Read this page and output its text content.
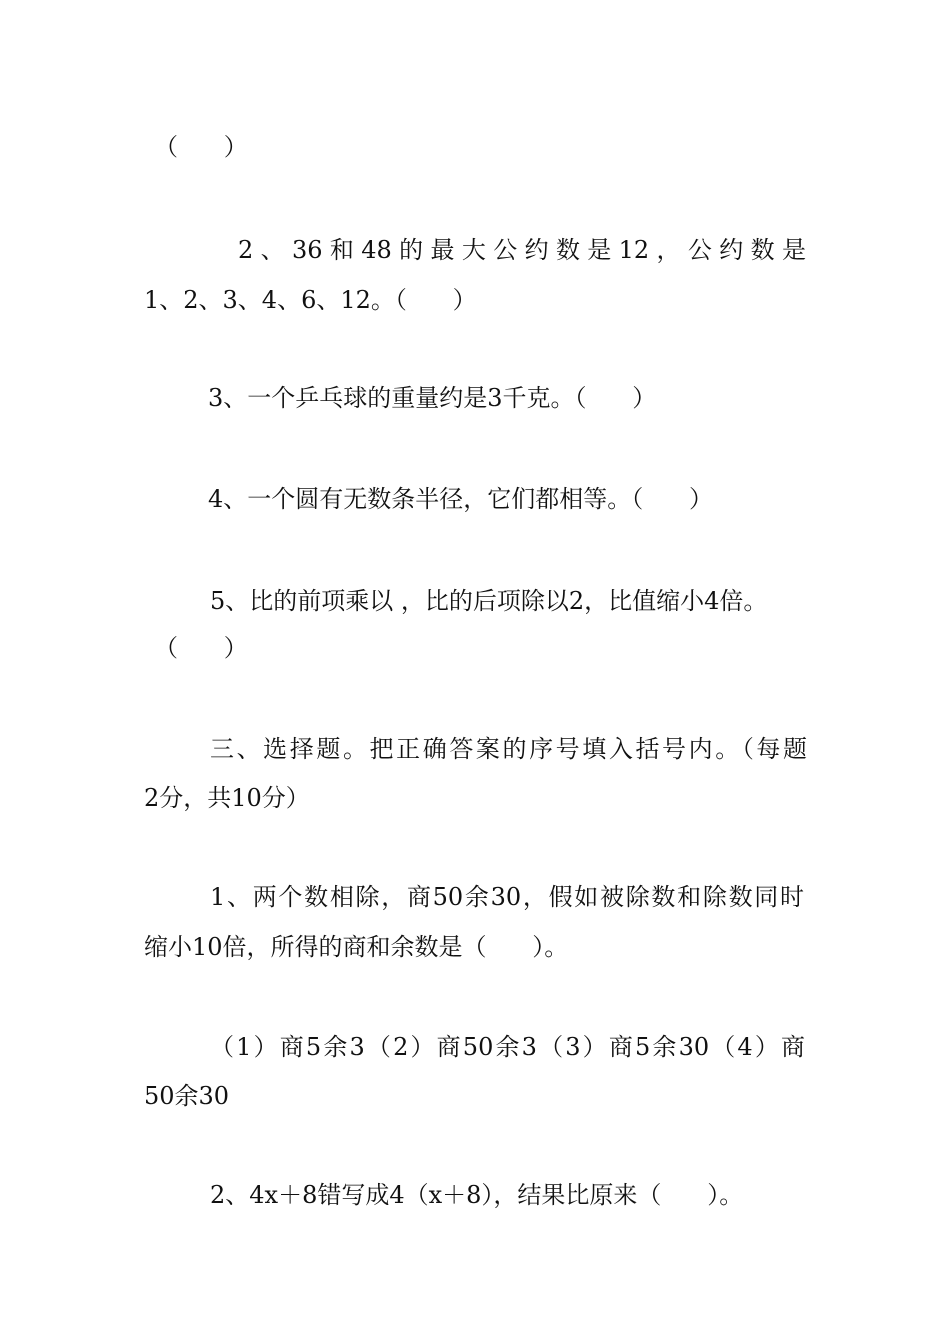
（      ）
2、36和48的最大公约数是12，公约数是
1、2、3、4、6、12。（      ）
3、一个乒乓球的重量约是3千克。（      ）
4、一个圆有无数条半径，它们都相等。（      ）
5、比的前项乘以 ，比的后项除以2，比值缩小4倍。
（      ）
三、选择题。把正确答案的序号填入括号内。（每题
2分，共10分）
1、两个数相除，商50余30，假如被除数和除数同时
缩小10倍，所得的商和余数是（      ）。
（1）商5余3（2）商50余3（3）商5余30（4）商
50余30
2、4x＋8错写成4（x＋8），结果比原来（      ）。
